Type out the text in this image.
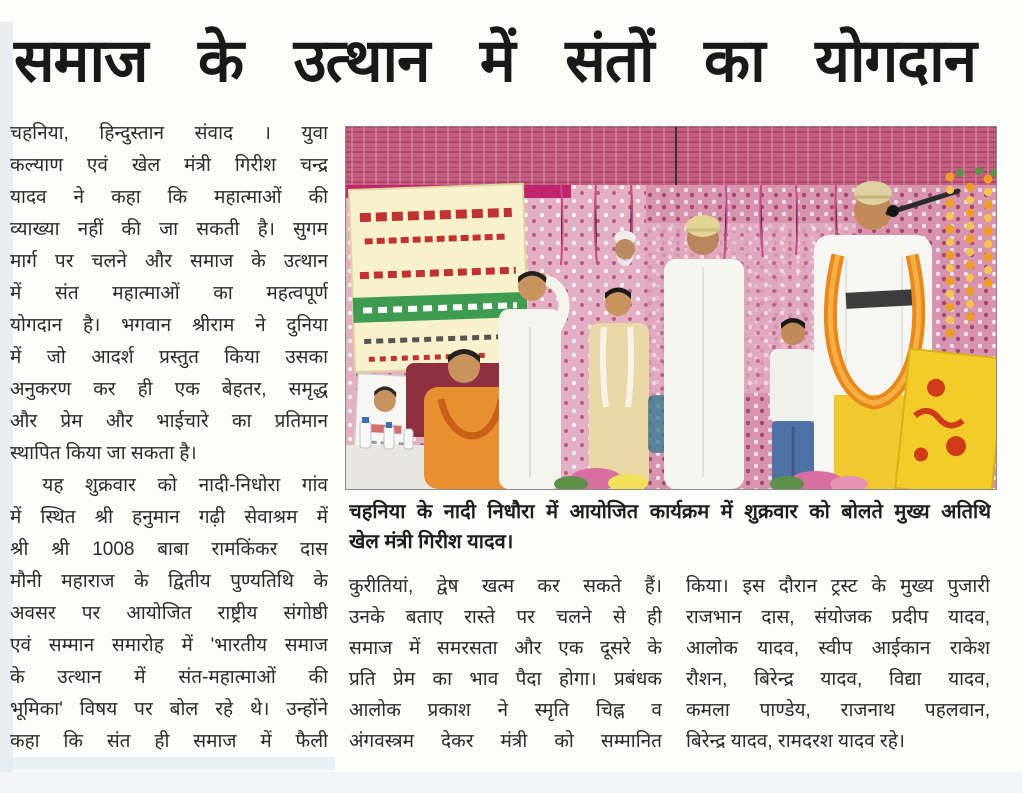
समाज के उत्थान में संतों का योगदान
चहनिया, हिन्दुस्तान संवाद । युवा
कल्याण एवं खेल मंत्री गिरीश चन्द्र
यादव ने कहा कि महात्माओं की
व्याख्या नहीं की जा सकती है। सुगम
मार्ग पर चलने और समाज के उत्थान
में संत महात्माओं का महत्वपूर्ण
योगदान है। भगवान श्रीराम ने दुनिया
में जो आदर्श प्रस्तुत किया उसका
अनुकरण कर ही एक बेहतर, समृद्ध
और प्रेम और भाईचारे का प्रतिमान
स्थापित किया जा सकता है।
यह शुक्रवार को नादी-निधोरा गांव
में स्थित श्री हनुमान गढ़ी सेवाश्रम में
श्री श्री 1008 बाबा रामकिंकर दास
मौनी महाराज के द्वितीय पुण्यतिथि के
अवसर पर आयोजित राष्ट्रीय संगोष्ठी
एवं सम्मान समारोह में 'भारतीय समाज
के उत्थान में संत-महात्माओं की
भूमिका' विषय पर बोल रहे थे। उन्होंने
कहा कि संत ही समाज में फैली
चहनिया के नादी निधौरा में आयोजित कार्यक्रम में शुक्रवार को बोलते मुख्य अतिथि
खेल मंत्री गिरीश यादव।
कुरीतियां, द्वेष खत्म कर सकते हैं।
उनके बताए रास्ते पर चलने से ही
समाज में समरसता और एक दूसरे के
प्रति प्रेम का भाव पैदा होगा। प्रबंधक
आलोक प्रकाश ने स्मृति चिह्न व
अंगवस्त्रम देकर मंत्री को सम्मानित
किया। इस दौरान ट्रस्ट के मुख्य पुजारी
राजभान दास, संयोजक प्रदीप यादव,
आलोक यादव, स्वीप आईकान राकेश
रौशन, बिरेन्द्र यादव, विद्या यादव,
कमला पाण्डेय, राजनाथ पहलवान,
बिरेन्द्र यादव, रामदरश यादव रहे।
